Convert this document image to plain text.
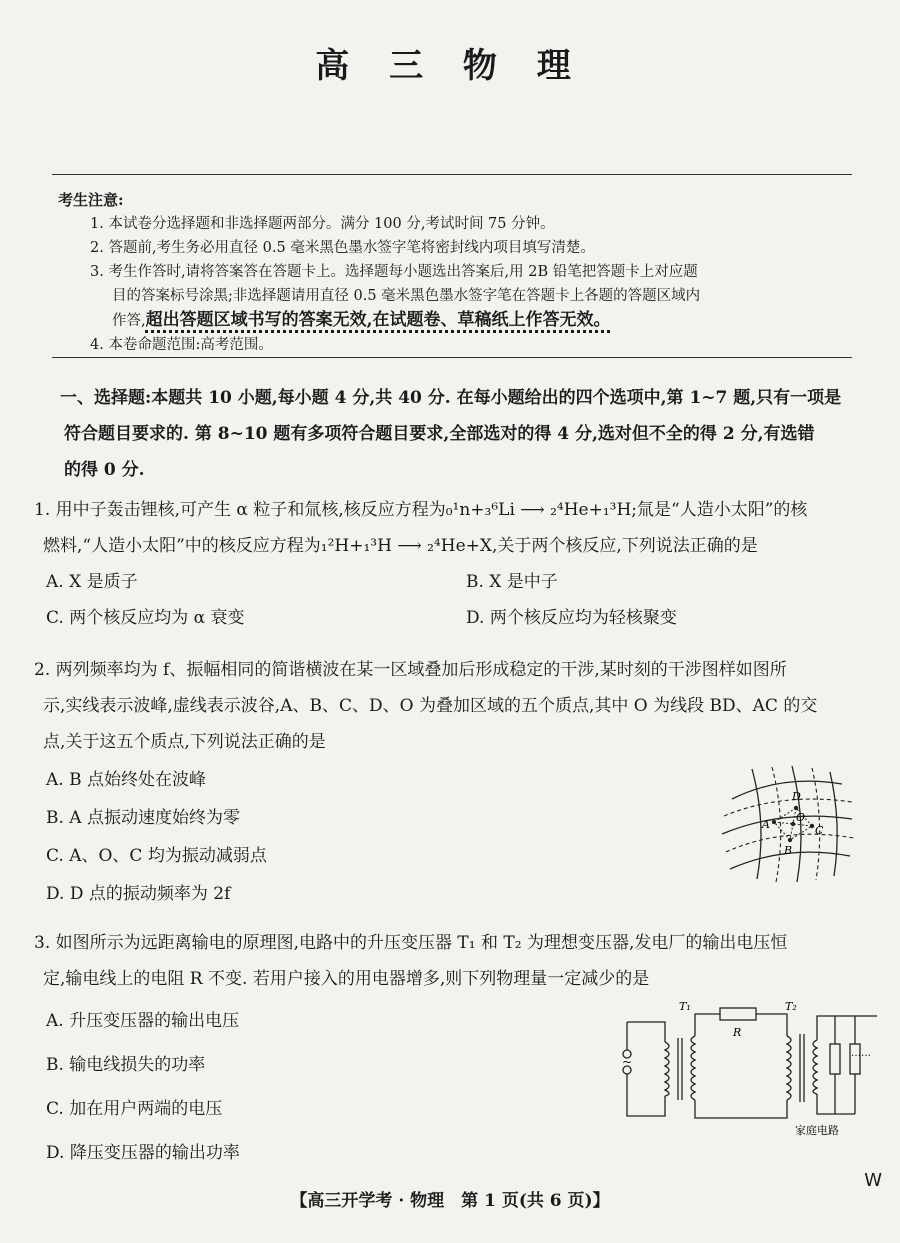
高 三 物 理
考生注意:
1. 本试卷分选择题和非选择题两部分。满分 100 分,考试时间 75 分钟。
2. 答题前,考生务必用直径 0.5 毫米黑色墨水签字笔将密封线内项目填写清楚。
3. 考生作答时,请将答案答在答题卡上。选择题每小题选出答案后,用 2B 铅笔把答题卡上对应题
目的答案标号涂黑;非选择题请用直径 0.5 毫米黑色墨水签字笔在答题卡上各题的答题区域内
作答,超出答题区域书写的答案无效,在试题卷、草稿纸上作答无效。
4. 本卷命题范围:高考范围。
一、选择题:本题共 10 小题,每小题 4 分,共 40 分. 在每小题给出的四个选项中,第 1~7 题,只有一项是
符合题目要求的. 第 8~10 题有多项符合题目要求,全部选对的得 4 分,选对但不全的得 2 分,有选错
的得 0 分.
1. 用中子轰击锂核,可产生 α 粒子和氚核,核反应方程为₀¹n+₃⁶Li ⟶ ₂⁴He+₁³H;氚是“人造小太阳”的核
燃料,“人造小太阳”中的核反应方程为₁²H+₁³H ⟶ ₂⁴He+X,关于两个核反应,下列说法正确的是
A. X 是质子	B. X 是中子
C. 两个核反应均为 α 衰变	D. 两个核反应均为轻核聚变
2. 两列频率均为 f、振幅相同的简谐横波在某一区域叠加后形成稳定的干涉,某时刻的干涉图样如图所
示,实线表示波峰,虚线表示波谷,A、B、C、D、O 为叠加区域的五个质点,其中 O 为线段 BD、AC 的交
点,关于这五个质点,下列说法正确的是
A. B 点始终处在波峰
B. A 点振动速度始终为零
C. A、O、C 均为振动减弱点
D. D 点的振动频率为 2f
A
D
C
B
O
3. 如图所示为远距离输电的原理图,电路中的升压变压器 T₁ 和 T₂ 为理想变压器,发电厂的输出电压恒
定,输电线上的电阻 R 不变. 若用户接入的用电器增多,则下列物理量一定减少的是
A. 升压变压器的输出电压
B. 输电线损失的功率
C. 加在用户两端的电压
D. 降压变压器的输出功率
T₁
R
T₂
~
……
家庭电路
W
【高三开学考 · 物理　第 1 页(共 6 页)】
